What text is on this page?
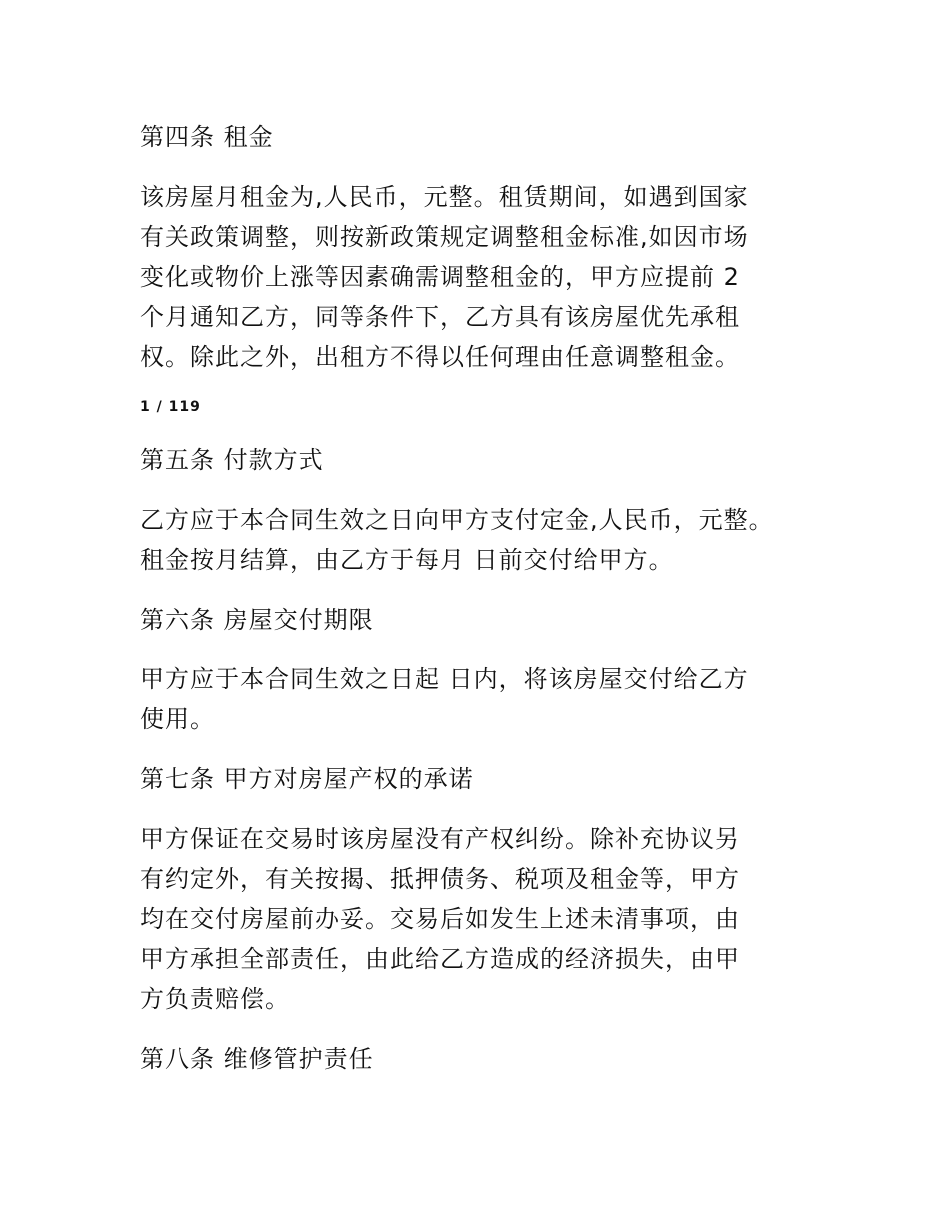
第四条 租金
该房屋月租金为,人民币，元整。租赁期间，如遇到国家
有关政策调整，则按新政策规定调整租金标准,如因市场
变化或物价上涨等因素确需调整租金的，甲方应提前 2
个月通知乙方，同等条件下，乙方具有该房屋优先承租
权。除此之外，出租方不得以任何理由任意调整租金。
1 / 119
第五条 付款方式
乙方应于本合同生效之日向甲方支付定金,人民币，元整。
租金按月结算，由乙方于每月 日前交付给甲方。
第六条 房屋交付期限
甲方应于本合同生效之日起 日内，将该房屋交付给乙方
使用。
第七条 甲方对房屋产权的承诺
甲方保证在交易时该房屋没有产权纠纷。除补充协议另
有约定外，有关按揭、抵押债务、税项及租金等，甲方
均在交付房屋前办妥。交易后如发生上述未清事项，由
甲方承担全部责任，由此给乙方造成的经济损失，由甲
方负责赔偿。
第八条 维修管护责任
